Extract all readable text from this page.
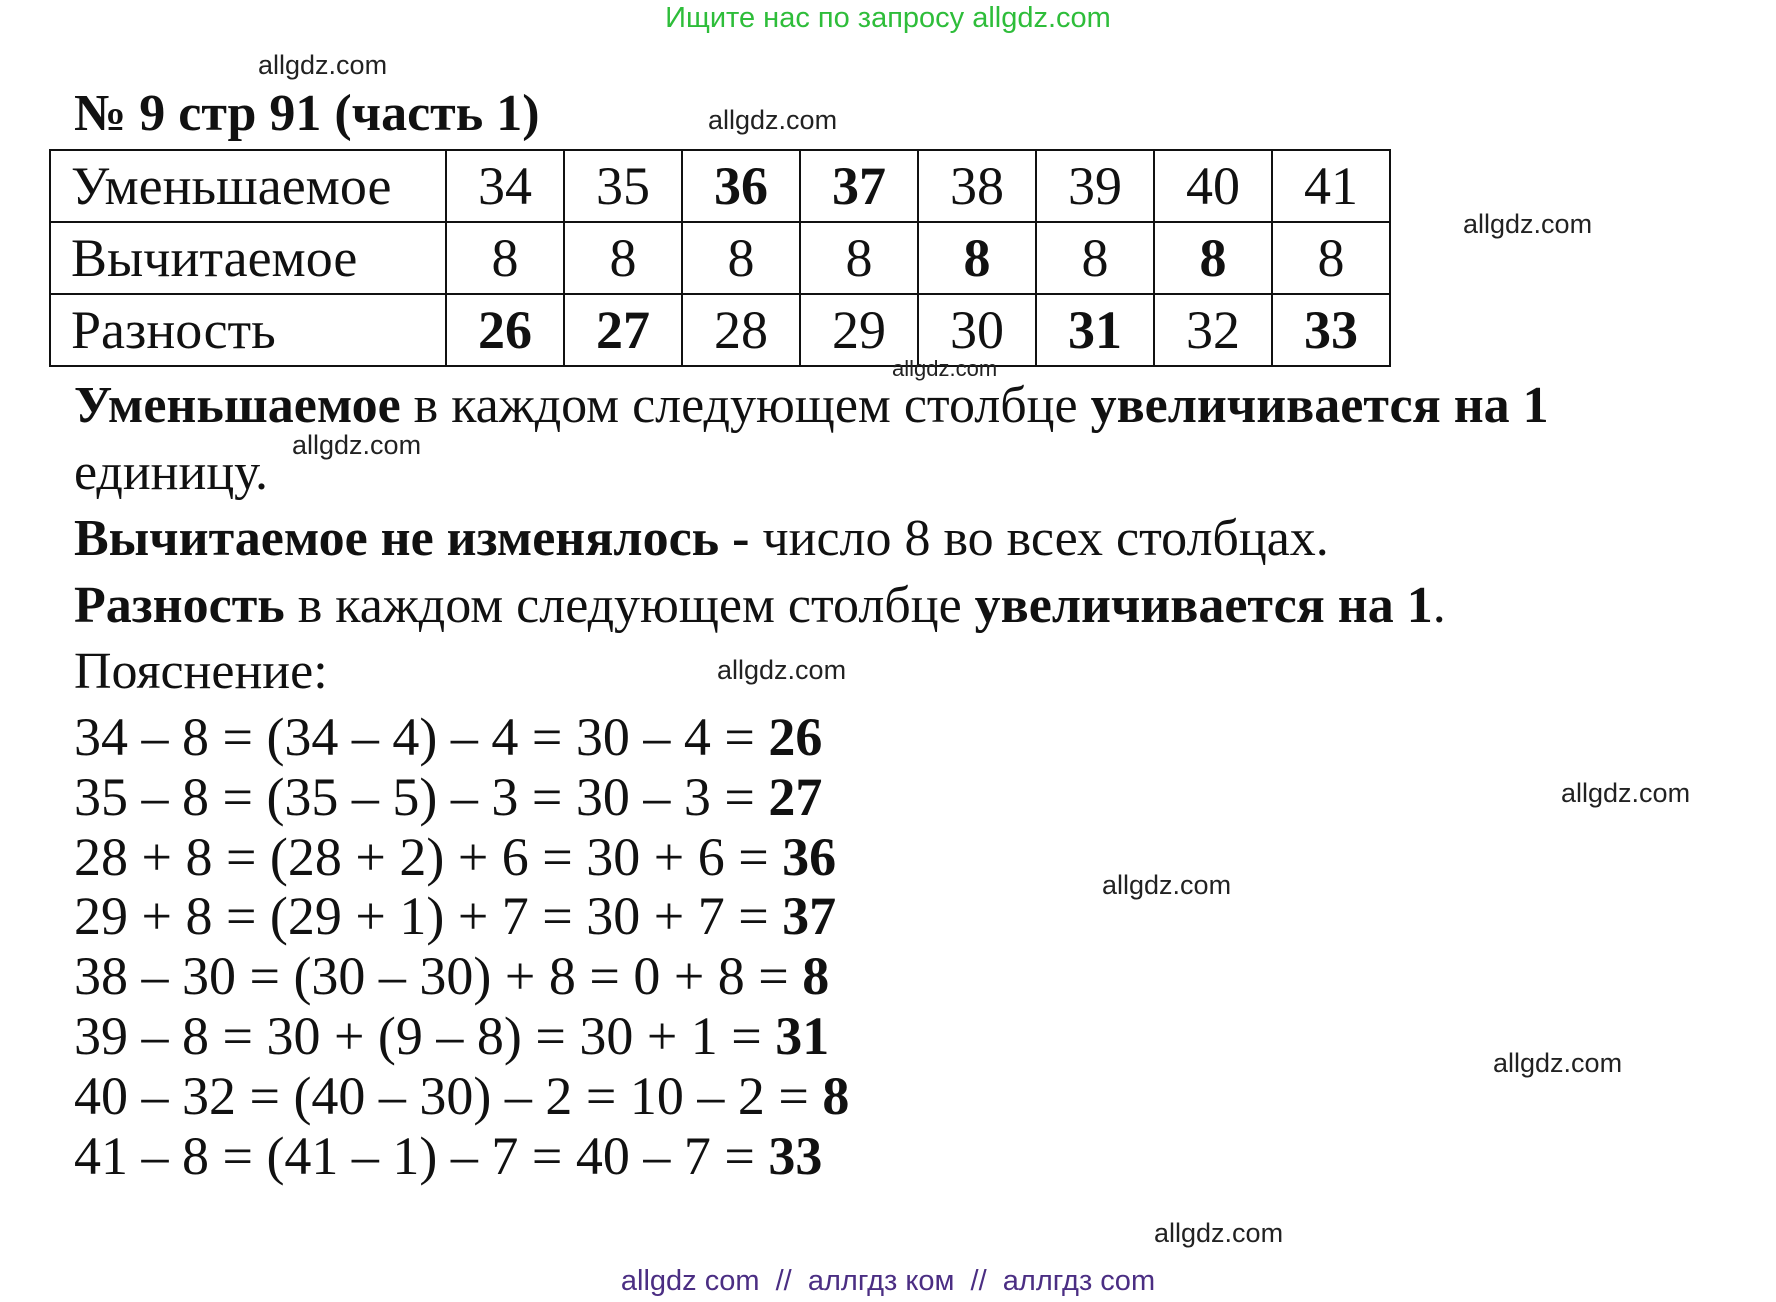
Ищите нас по запросу allgdz.com
allgdz.com
№ 9 стр 91 (часть 1)	allgdz.com
allgdz.com
Уменьшаемое	34	35	36	37	38	39	40	41
Вычитаемое	8	8	8	8	8	8	8	8
Разность	26	27	28	29	30	31	32	33
allgdz.com
Уменьшаемое в каждом следующем столбце увеличивается на 1
allgdz.com
единицу.
Вычитаемое не изменялось - число 8 во всех столбцах.
Разность в каждом следующем столбце увеличивается на 1.
Пояснение:	allgdz.com
34 – 8 = (34 – 4) – 4 = 30 – 4 = 26
35 – 8 = (35 – 5) – 3 = 30 – 3 = 27
28 + 8 = (28 + 2) + 6 = 30 + 6 = 36
29 + 8 = (29 + 1) + 7 = 30 + 7 = 37
38 – 30 = (30 – 30) + 8 = 0 + 8 = 8
39 – 8 = 30 + (9 – 8) = 30 + 1 = 31
40 – 32 = (40 – 30) – 2 = 10 – 2 = 8
41 – 8 = (41 – 1) – 7 = 40 – 7 = 33
allgdz.com
allgdz.com
allgdz.com
allgdz.com
allgdz com  //  аллгдз ком  //  аллгдз com
